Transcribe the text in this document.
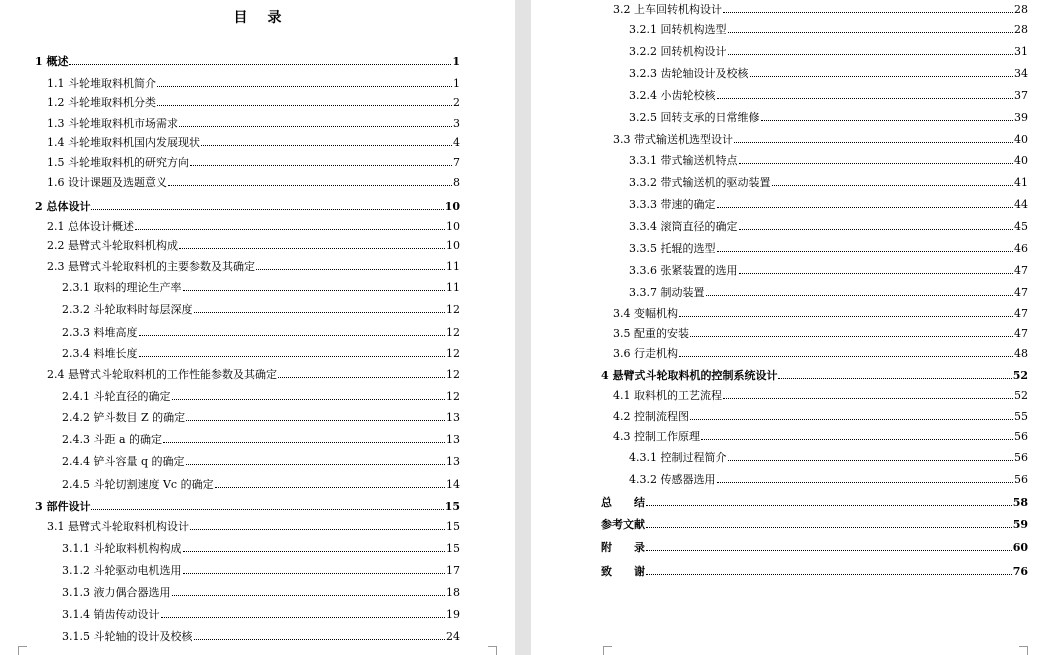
目 录
1 概述	1
1.1 斗轮堆取料机简介	1
1.2 斗轮堆取料机分类	2
1.3 斗轮堆取料机市场需求	3
1.4 斗轮堆取料机国内发展现状	4
1.5 斗轮堆取料机的研究方向	7
1.6 设计课题及选题意义	8
2 总体设计	10
2.1 总体设计概述	10
2.2 悬臂式斗轮取料机构成	10
2.3 悬臂式斗轮取料机的主要参数及其确定	11
2.3.1 取料的理论生产率	11
2.3.2 斗轮取料时每层深度	12
2.3.3 料堆高度	12
2.3.4 料堆长度	12
2.4 悬臂式斗轮取料机的工作性能参数及其确定	12
2.4.1 斗轮直径的确定	12
2.4.2 铲斗数目 Z 的确定	13
2.4.3 斗距 a 的确定	13
2.4.4 铲斗容量 q 的确定	13
2.4.5 斗轮切割速度 Vc 的确定	14
3 部件设计	15
3.1 悬臂式斗轮取料机构设计	15
3.1.1 斗轮取料机构构成	15
3.1.2 斗轮驱动电机选用	17
3.1.3 液力偶合器选用	18
3.1.4 销齿传动设计	19
3.1.5 斗轮轴的设计及校核	24
3.2 上车回转机构设计	28
3.2.1 回转机构选型	28
3.2.2 回转机构设计	31
3.2.3 齿轮轴设计及校核	34
3.2.4 小齿轮校核	37
3.2.5 回转支承的日常维修	39
3.3 带式输送机选型设计	40
3.3.1 带式输送机特点	40
3.3.2 带式输送机的驱动装置	41
3.3.3 带速的确定	44
3.3.4 滚筒直径的确定	45
3.3.5 托辊的选型	46
3.3.6 张紧装置的选用	47
3.3.7 制动装置	47
3.4 变幅机构	47
3.5 配重的安装	47
3.6 行走机构	48
4 悬臂式斗轮取料机的控制系统设计	52
4.1 取料机的工艺流程	52
4.2 控制流程图	55
4.3 控制工作原理	56
4.3.1 控制过程简介	56
4.3.2 传感器选用	56
总　　结	58
参考文献	59
附　　录	60
致　　谢	76
